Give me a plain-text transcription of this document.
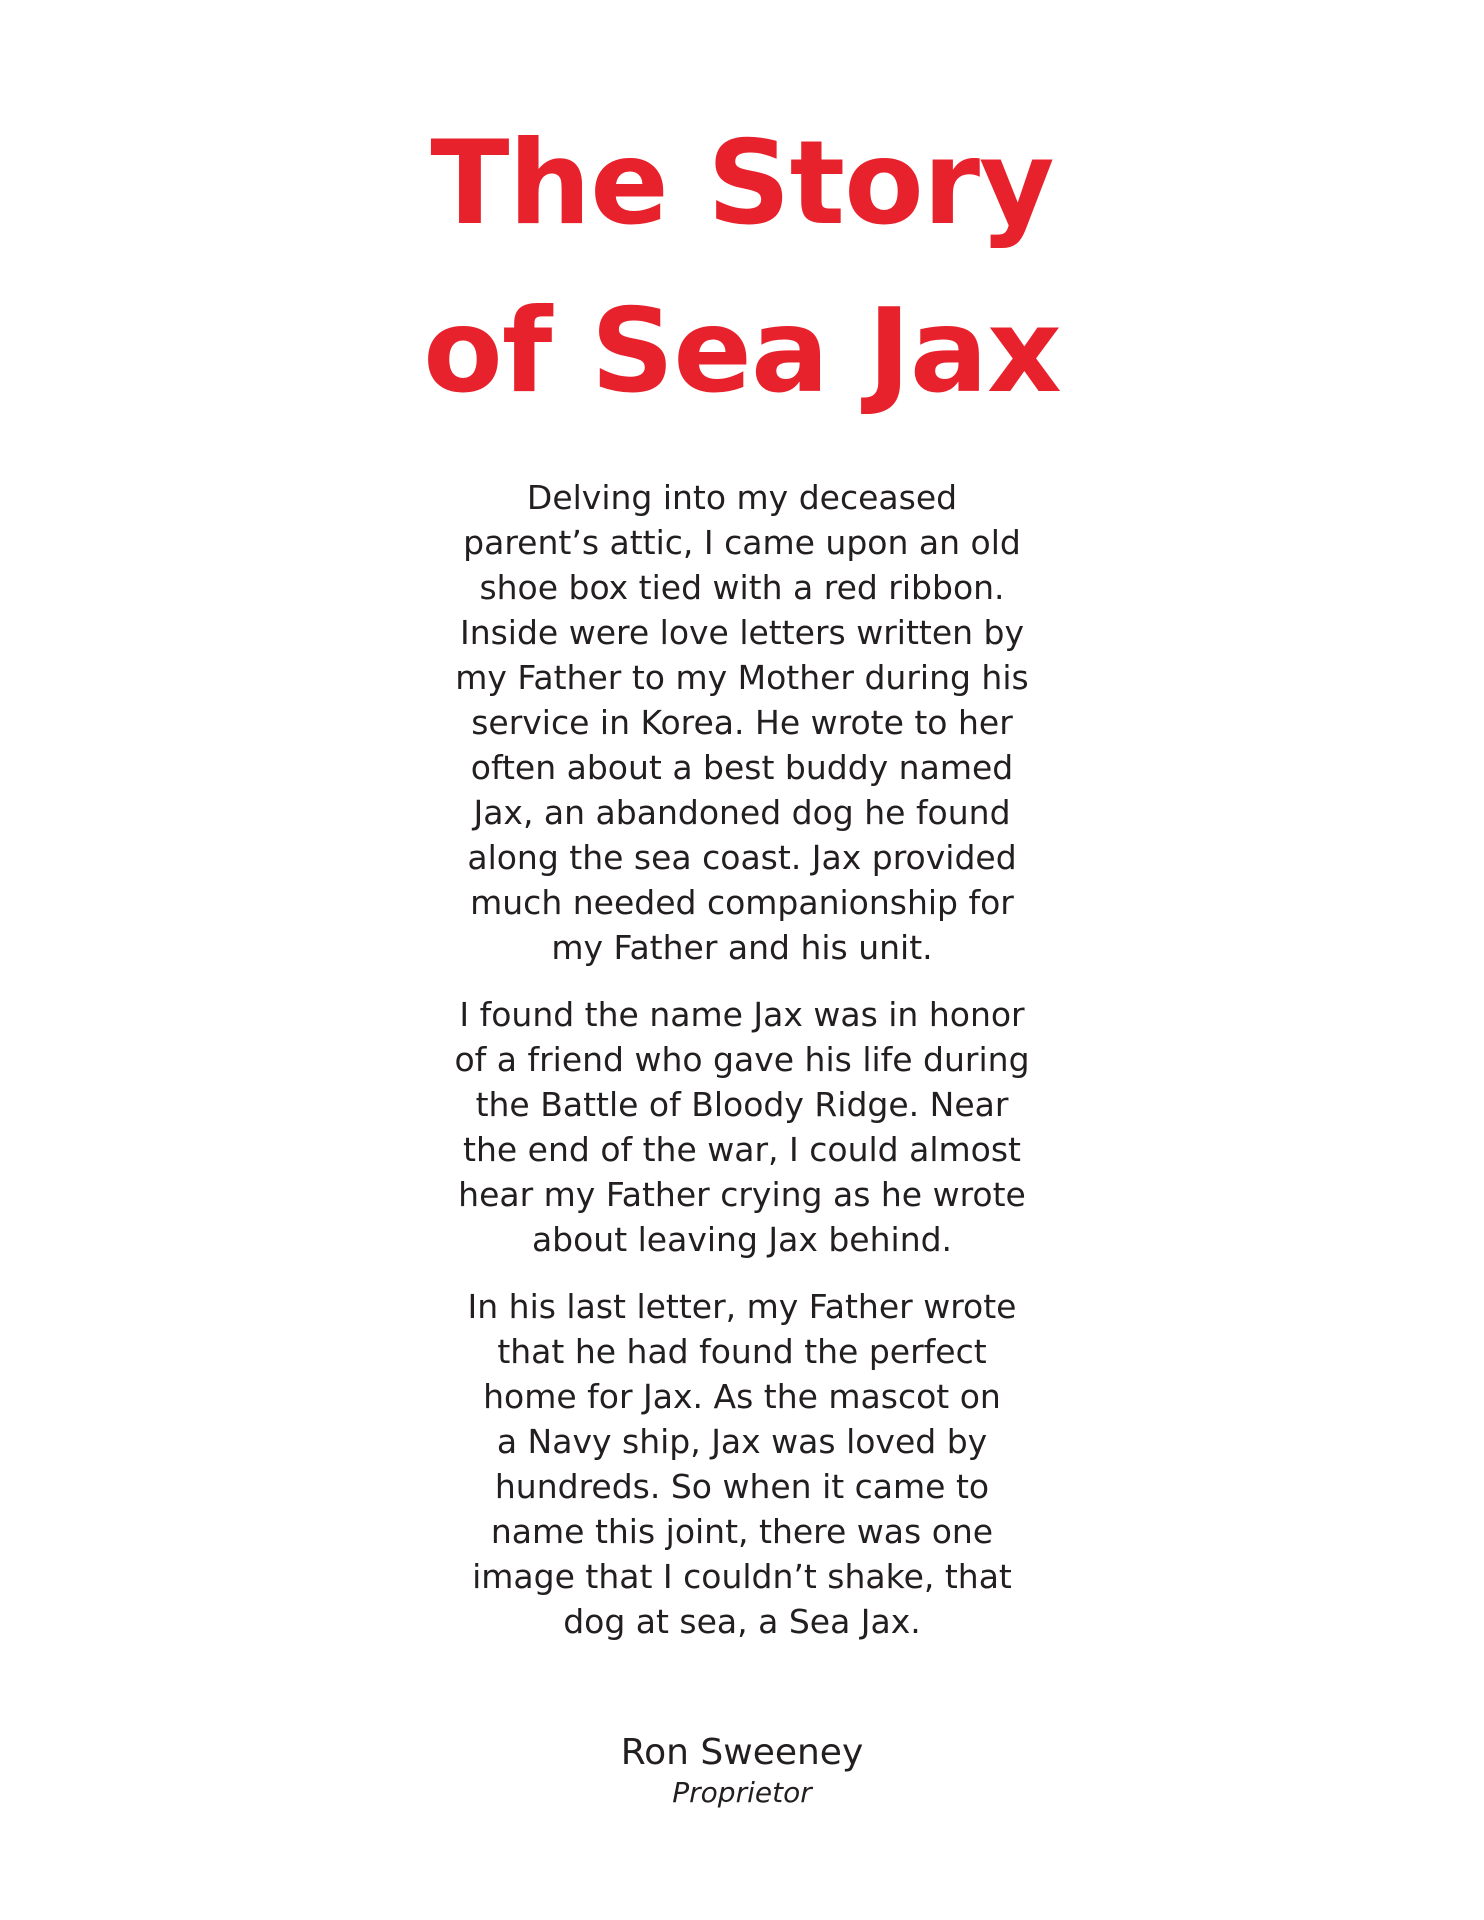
The Story
of Sea Jax

Delving into my deceased
parent’s attic, I came upon an old
shoe box tied with a red ribbon.
Inside were love letters written by
my Father to my Mother during his
service in Korea. He wrote to her
often about a best buddy named
Jax, an abandoned dog he found
along the sea coast. Jax provided
much needed companionship for
my Father and his unit.

I found the name Jax was in honor
of a friend who gave his life during
the Battle of Bloody Ridge. Near
the end of the war, I could almost
hear my Father crying as he wrote
about leaving Jax behind.

In his last letter, my Father wrote
that he had found the perfect
home for Jax. As the mascot on
a Navy ship, Jax was loved by
hundreds. So when it came to
name this joint, there was one
image that I couldn’t shake, that
dog at sea, a Sea Jax.

Ron Sweeney
Proprietor
